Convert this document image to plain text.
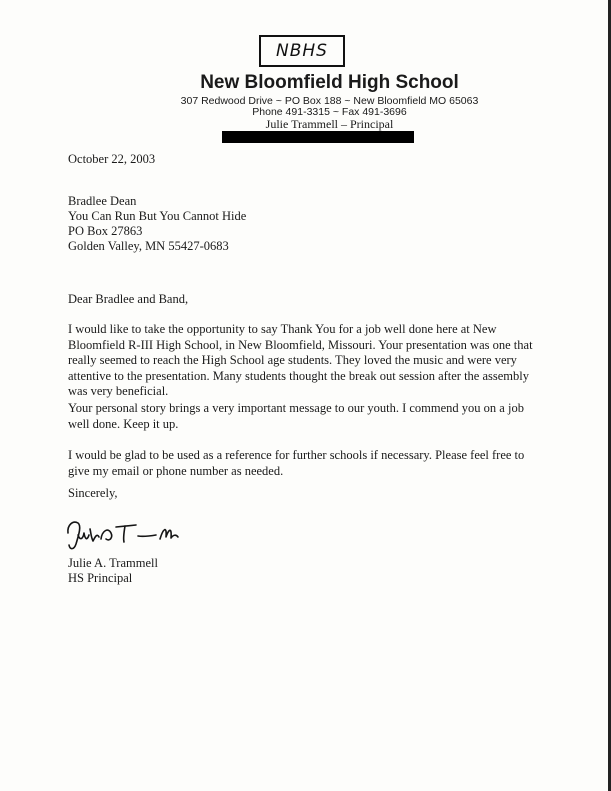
NBHS
New Bloomfield High School
307 Redwood Drive ~ PO Box 188 ~ New Bloomfield MO 65063
Phone 491-3315 ~ Fax 491-3696
Julie Trammell – Principal
October 22, 2003
Bradlee Dean
You Can Run But You Cannot Hide
PO Box 27863
Golden Valley, MN 55427-0683
Dear Bradlee and Band,
I would like to take the opportunity to say Thank You for a job well done here at New Bloomfield R-III High School, in New Bloomfield, Missouri. Your presentation was one that really seemed to reach the High School age students. They loved the music and were very attentive to the presentation. Many students thought the break out session after the assembly was very beneficial.
Your personal story brings a very important message to our youth. I commend you on a job well done. Keep it up.
I would be glad to be used as a reference for further schools if necessary. Please feel free to give my email or phone number as needed.
Sincerely,
Julie A. Trammell
HS Principal
